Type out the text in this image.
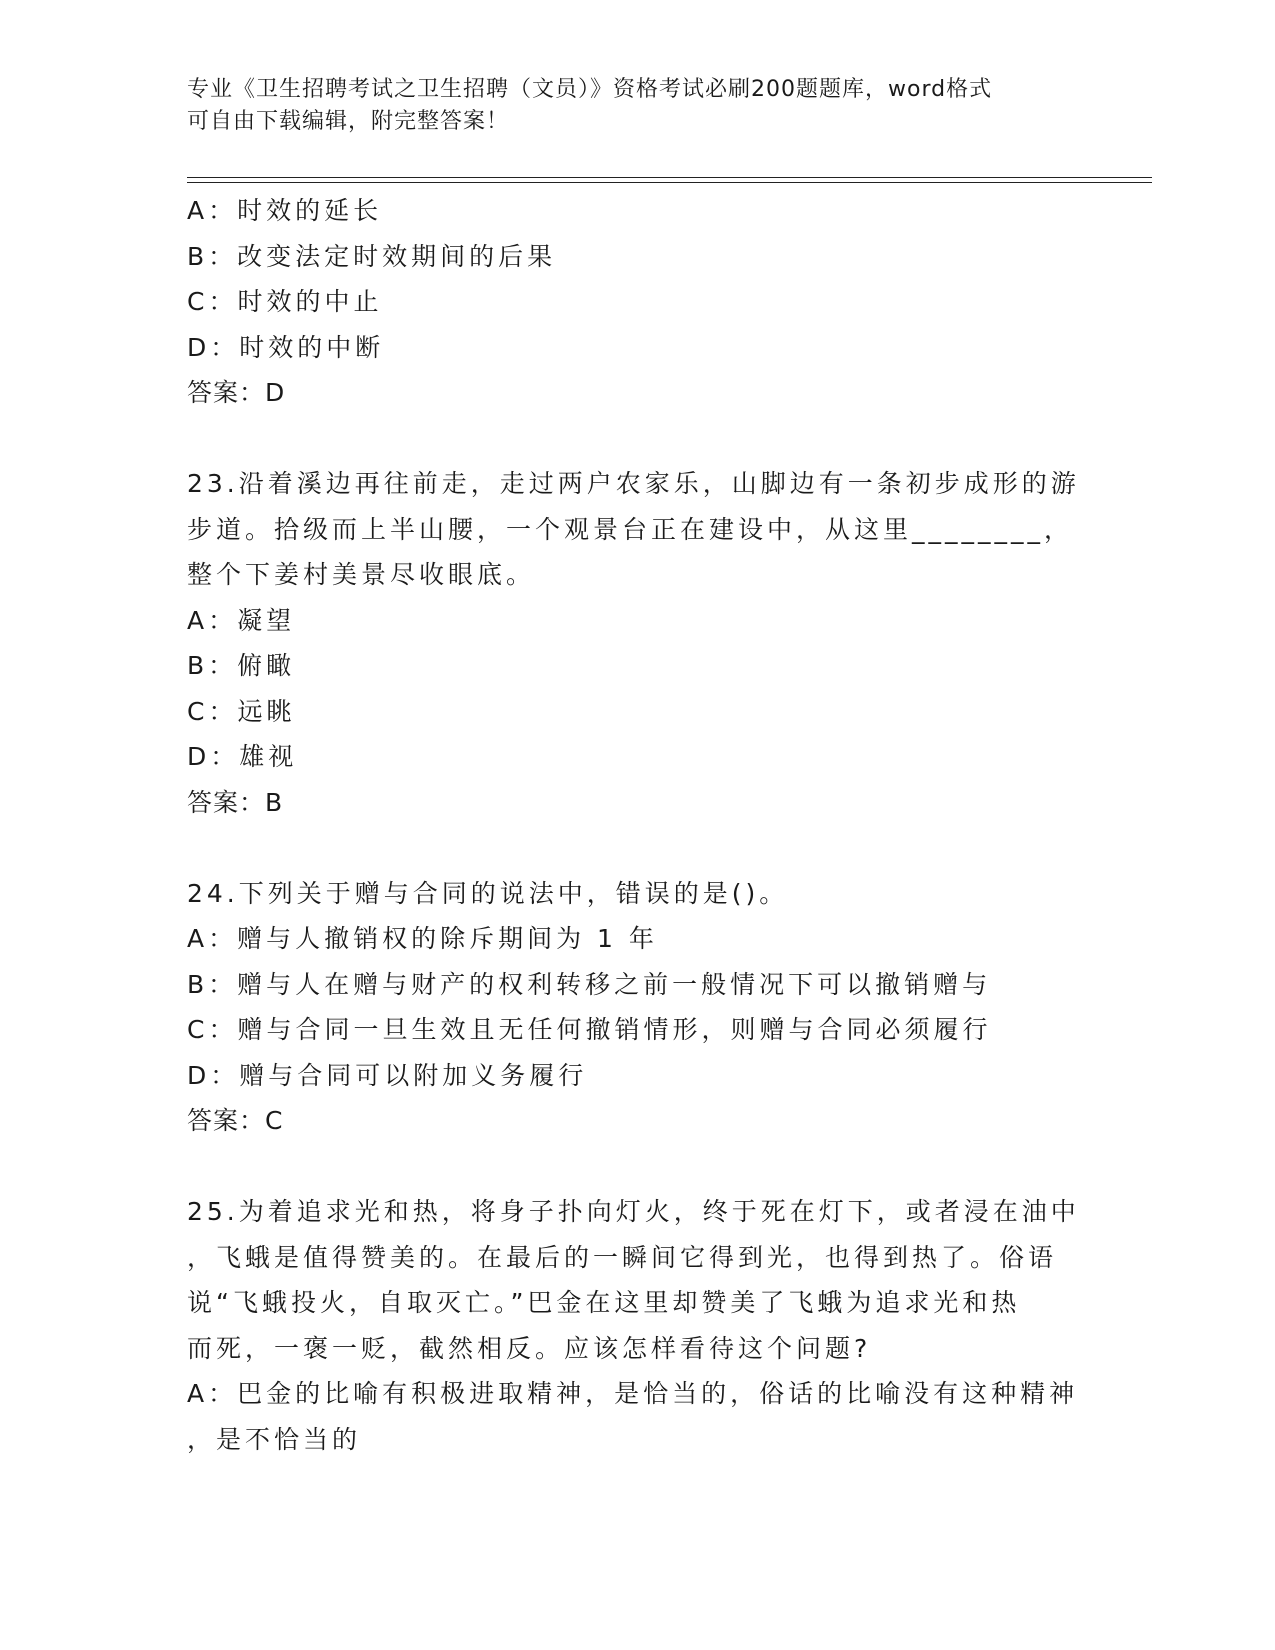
专业《卫生招聘考试之卫生招聘（文员）》资格考试必刷200题题库，word格式
可自由下载编辑，附完整答案！
A：时效的延长
B：改变法定时效期间的后果
C：时效的中止
D：时效的中断
答案：D
23.沿着溪边再往前走，走过两户农家乐，山脚边有一条初步成形的游
步道。拾级而上半山腰，一个观景台正在建设中，从这里________，
整个下姜村美景尽收眼底。
A：凝望
B：俯瞰
C：远眺
D：雄视
答案：B
24.下列关于赠与合同的说法中，错误的是()。
A：赠与人撤销权的除斥期间为 1 年
B：赠与人在赠与财产的权利转移之前一般情况下可以撤销赠与
C：赠与合同一旦生效且无任何撤销情形，则赠与合同必须履行
D：赠与合同可以附加义务履行
答案：C
25.为着追求光和热，将身子扑向灯火，终于死在灯下，或者浸在油中
，飞蛾是值得赞美的。在最后的一瞬间它得到光，也得到热了。俗语
说“飞蛾投火，自取灭亡。”巴金在这里却赞美了飞蛾为追求光和热
而死，一褒一贬，截然相反。应该怎样看待这个问题?
A：巴金的比喻有积极进取精神，是恰当的，俗话的比喻没有这种精神
，是不恰当的
